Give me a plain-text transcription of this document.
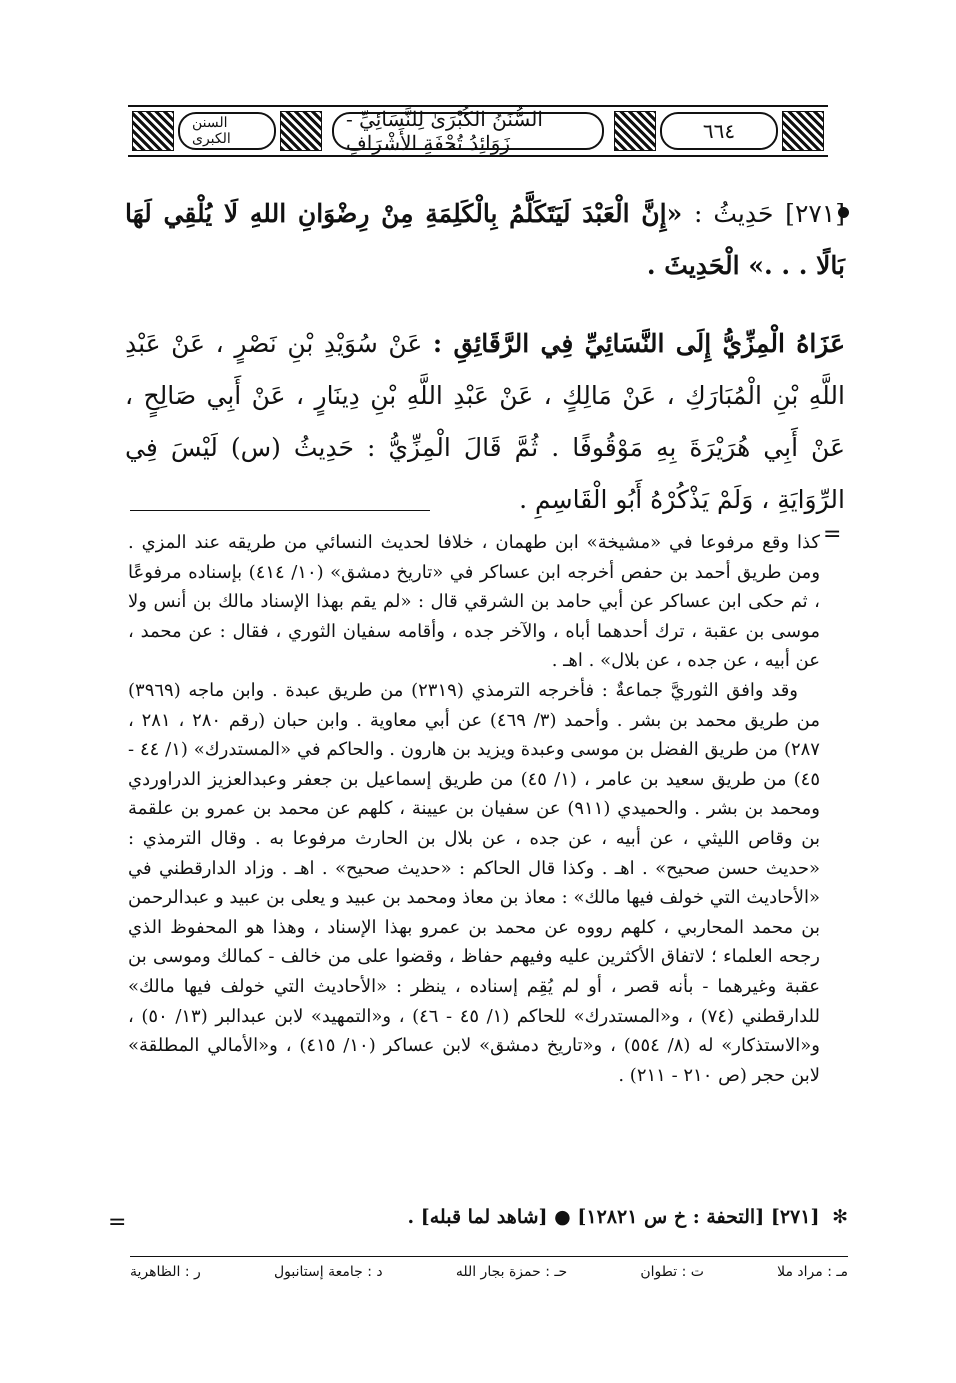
السنن الكبرى
السُّنَنُ الكُبْرَىٰ لِلنَّسَائِيِّ - زَوَائِدُ تُحْفَةِ الأَشْرَافِ	٦٦٤
[٢٧١] حَدِيثُ : «إِنَّ الْعَبْدَ لَيَتَكَلَّمُ بِالْكَلِمَةِ مِنْ رِضْوَانِ اللهِ لَا يُلْقِي لَهَا بَالًا . . .» الْحَدِيثَ .
عَزَاهُ الْمِزِّيُّ إِلَى النَّسَائِيِّ فِي الرَّقَائِقِ : عَنْ سُوَيْدِ بْنِ نَصْرٍ ، عَنْ عَبْدِ اللَّهِ بْنِ الْمُبَارَكِ ، عَنْ مَالِكٍ ، عَنْ عَبْدِ اللَّهِ بْنِ دِينَارٍ ، عَنْ أَبِي صَالِحٍ ، عَنْ أَبِي هُرَيْرَةَ بِهِ مَوْقُوفًا . ثُمَّ قَالَ الْمِزِّيُّ : حَدِيثُ (س) لَيْسَ فِي الرِّوَايَةِ ، وَلَمْ يَذْكُرْهُ أَبُو الْقَاسِمِ .
=

كذا وقع مرفوعا في «مشيخة» ابن طهمان ، خلافا لحديث النسائي من طريقه عند المزي . ومن طريق أحمد بن حفص أخرجه ابن عساكر في «تاريخ دمشق» (١٠/ ٤١٤) بإسناده مرفوعًا ، ثم حكى ابن عساكر عن أبي حامد بن الشرقي قال : «لم يقم بهذا الإسناد مالك بن أنس ولا موسى بن عقبة ، ترك أحدهما أباه ، والآخر جده ، وأقامه سفيان الثوري ، فقال : عن محمد ، عن أبيه ، عن جده ، عن بلال» . اهـ .

وقد وافق الثوريَّ جماعةٌ : فأخرجه الترمذي (٢٣١٩) من طريق عبدة . وابن ماجه (٣٩٦٩) من طريق محمد بن بشر . وأحمد (٣/ ٤٦٩) عن أبي معاوية . وابن حبان (رقم ٢٨٠ ، ٢٨١ ، ٢٨٧) من طريق الفضل بن موسى وعبدة ويزيد بن هارون . والحاكم في «المستدرك» (١/ ٤٤ - ٤٥) من طريق سعيد بن عامر ، (١/ ٤٥) من طريق إسماعيل بن جعفر وعبدالعزيز الدراوردي ومحمد بن بشر . والحميدي (٩١١) عن سفيان بن عيينة ، كلهم عن محمد بن عمرو بن علقمة بن وقاص الليثي ، عن أبيه ، عن جده ، عن بلال بن الحارث مرفوعا به . وقال الترمذي : «حديث حسن صحيح» . اهـ . وكذا قال الحاكم : «حديث صحيح» . اهـ . وزاد الدارقطني في «الأحاديث التي خولف فيها مالك» : معاذ بن معاذ ومحمد بن عبيد و يعلى بن عبيد و عبدالرحمن بن محمد المحاربي ، كلهم رووه عن محمد بن عمرو بهذا الإسناد ، وهذا هو المحفوظ الذي رجحه العلماء ؛ لاتفاق الأكثرين عليه وفيهم حفاظ ، وقضوا على من خالف - كمالك وموسى بن عقبة وغيرهما - بأنه قصر ، أو لم يُقِم إسناده ، ينظر : «الأحاديث التي خولف فيها مالك» للدارقطني (٧٤) ، و«المستدرك» للحاكم (١/ ٤٥ - ٤٦) ، و«التمهيد» لابن عبدالبر (١٣/ ٥٠) ، و«الاستذكار» له (٨/ ٥٥٤) ، و«تاريخ دمشق» لابن عساكر (١٠/ ٤١٥) ، و«الأمالي المطلقة» لابن حجر (ص ٢١٠ - ٢١١) .

✻ [٢٧١] [التحفة : خ س ١٢٨٢١] ● [شاهد لما قبله] .
=
مـ : مراد ملا
ت : تطوان
حـ : حمزة بجار الله
د : جامعة إستانبول
ر : الظاهرية
